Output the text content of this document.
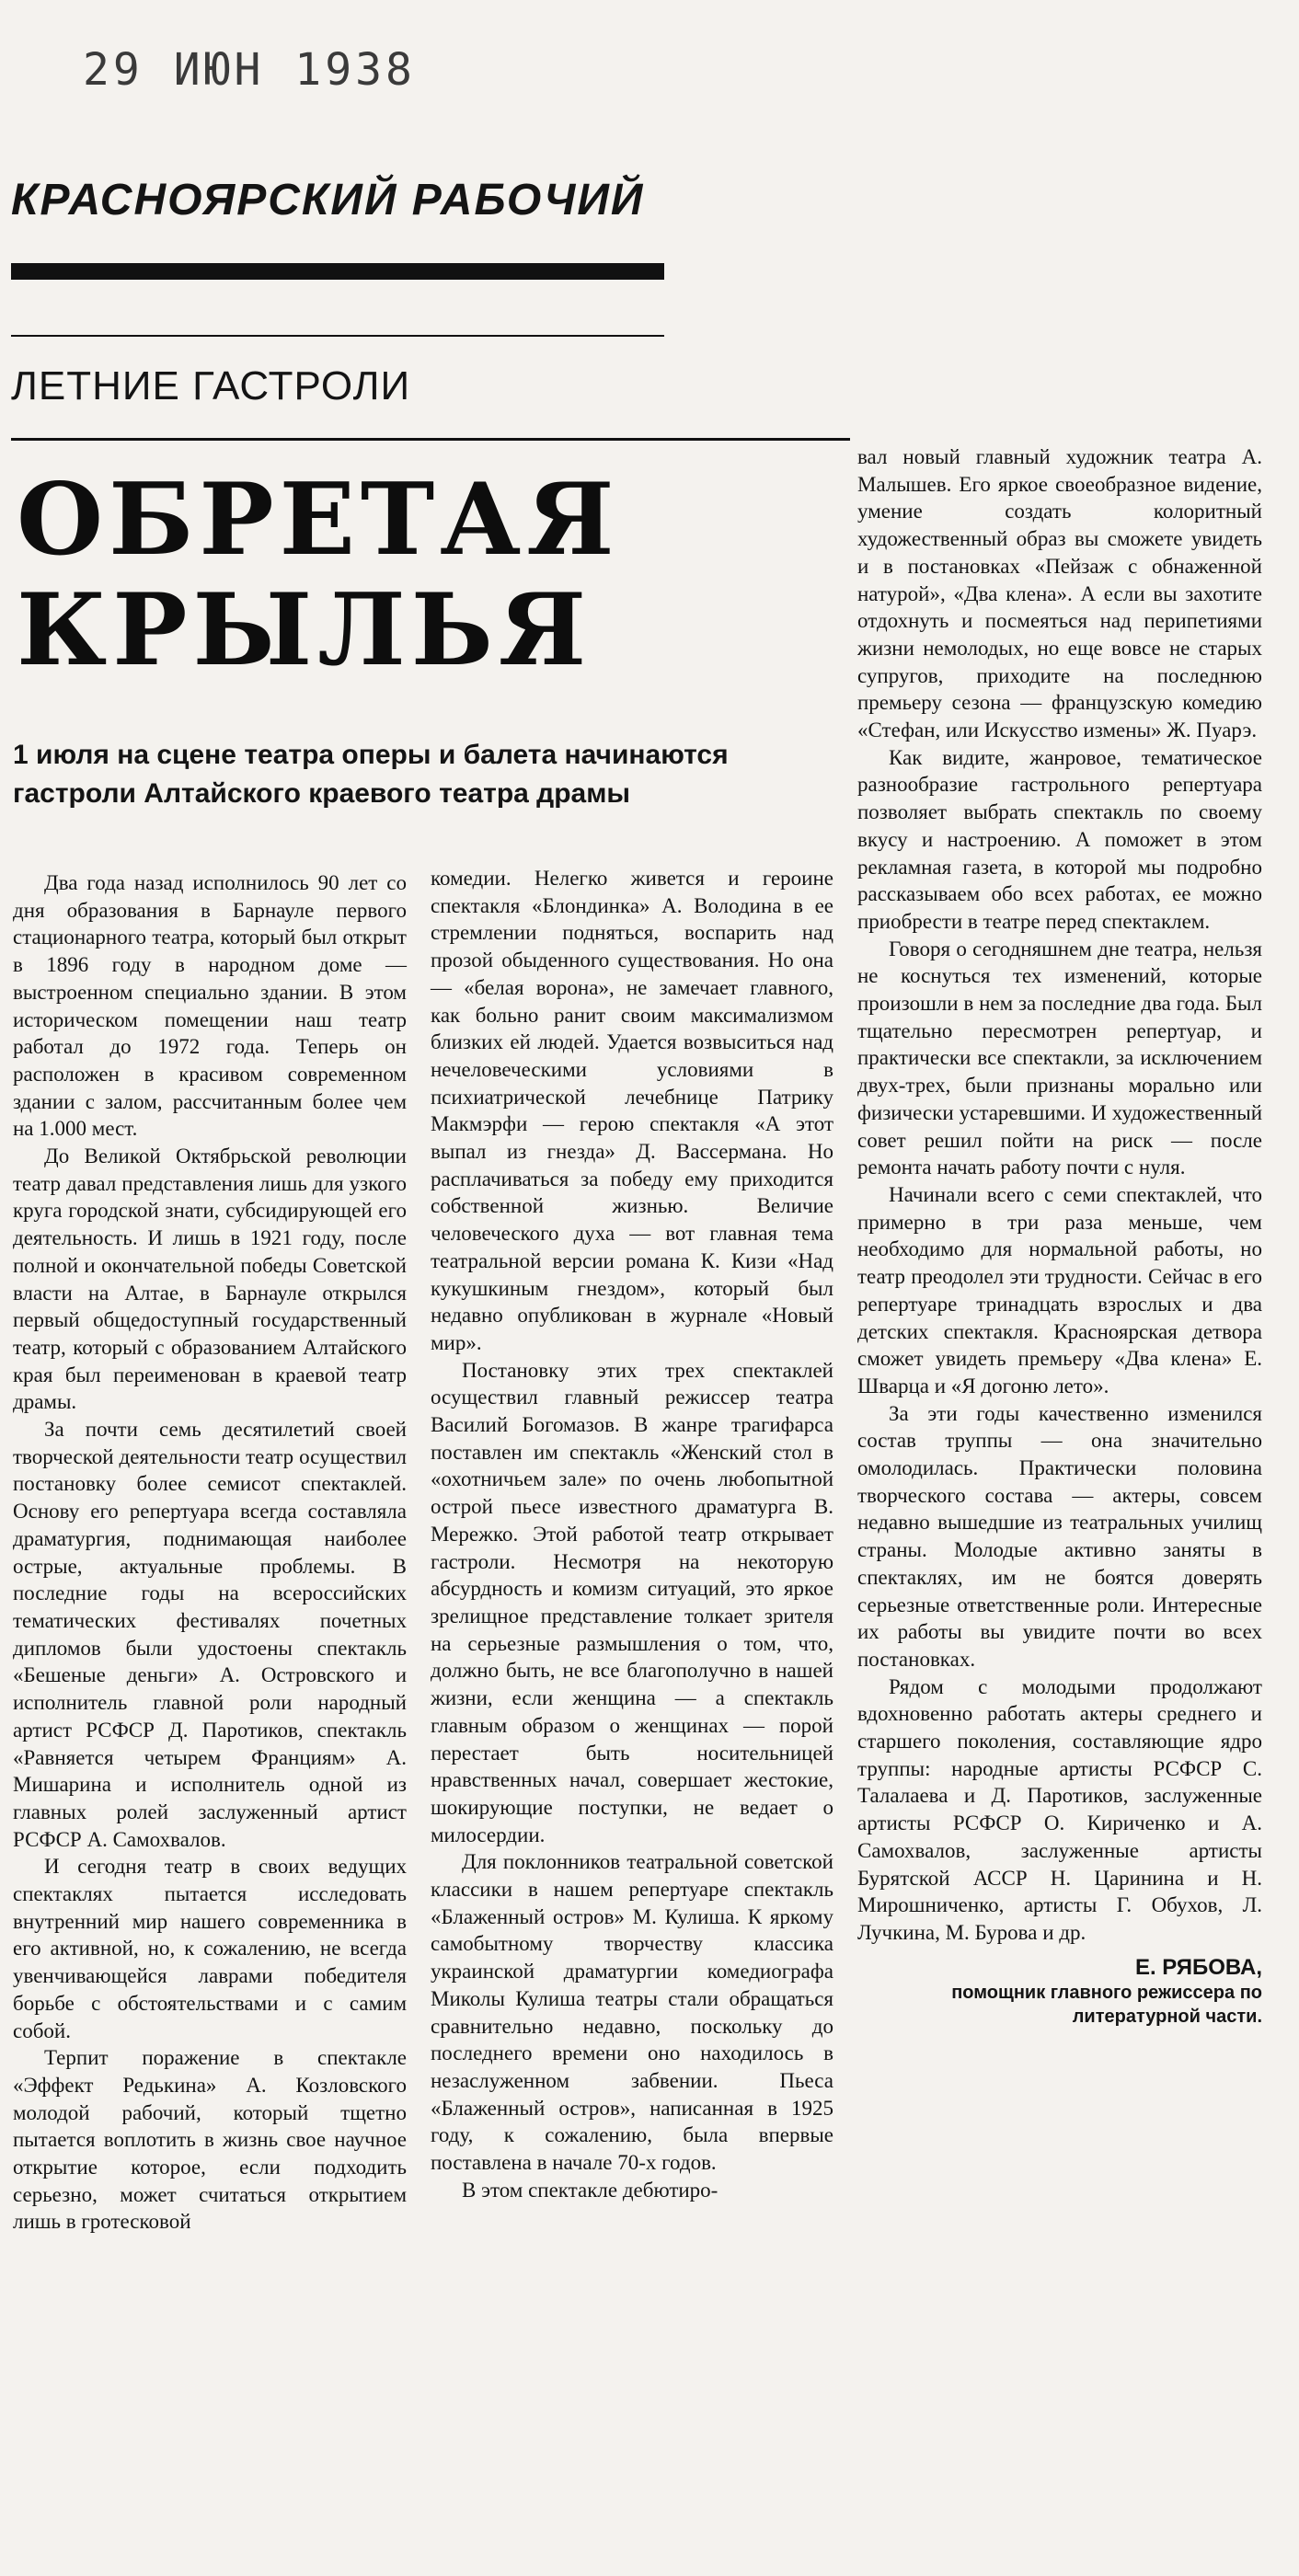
29 ИЮН 1938
КРАСНОЯРСКИЙ РАБОЧИЙ
ЛЕТНИЕ ГАСТРОЛИ
ОБРЕТАЯ
КРЫЛЬЯ
1 июля на сцене театра оперы и балета начинаются гастроли Алтайского краевого театра драмы

Два года назад исполнилось 90 лет со дня образования в Барнауле первого стационарного театра, который был открыт в 1896 году в народном доме — выстроенном специально здании. В этом историческом помещении наш театр работал до 1972 года. Теперь он расположен в красивом современном здании с залом, рассчитанным более чем на 1.000 мест.

До Великой Октябрьской революции театр давал представления лишь для узкого круга городской знати, субсидирующей его деятельность. И лишь в 1921 году, после полной и окончательной победы Советской власти на Алтае, в Барнауле открылся первый общедоступный государственный театр, который с образованием Алтайского края был переименован в краевой театр драмы.

За почти семь десятилетий своей творческой деятельности театр осуществил постановку более семисот спектаклей. Основу его репертуара всегда составляла драматургия, поднимающая наиболее острые, актуальные проблемы. В последние годы на всероссийских тематических фестивалях почетных дипломов были удостоены спектакль «Бешеные деньги» А. Островского и исполнитель главной роли народный артист РСФСР Д. Паротиков, спектакль «Равняется четырем Франциям» А. Мишарина и исполнитель одной из главных ролей заслуженный артист РСФСР А. Самохвалов.

И сегодня театр в своих ведущих спектаклях пытается исследовать внутренний мир нашего современника в его активной, но, к сожалению, не всегда увенчивающейся лаврами победителя борьбе с обстоятельствами и с самим собой.

Терпит поражение в спектакле «Эффект Редькина» А. Козловского молодой рабочий, который тщетно пытается воплотить в жизнь свое научное открытие которое, если подходить серьезно, может считаться открытием лишь в гротесковой

комедии. Нелегко живется и героине спектакля «Блондинка» А. Володина в ее стремлении подняться, воспарить над прозой обыденного существования. Но она — «белая ворона», не замечает главного, как больно ранит своим максимализмом близких ей людей. Удается возвыситься над нечеловеческими условиями в психиатрической лечебнице Патрику Макмэрфи — герою спектакля «А этот выпал из гнезда» Д. Вассермана. Но расплачиваться за победу ему приходится собственной жизнью. Величие человеческого духа — вот главная тема театральной версии романа К. Кизи «Над кукушкиным гнездом», который был недавно опубликован в журнале «Новый мир».

Постановку этих трех спектаклей осуществил главный режиссер театра Василий Богомазов. В жанре трагифарса поставлен им спектакль «Женский стол в «охотничьем зале» по очень любопытной острой пьесе известного драматурга В. Мережко. Этой работой театр открывает гастроли. Несмотря на некоторую абсурдность и комизм ситуаций, это яркое зрелищное представление толкает зрителя на серьезные размышления о том, что, должно быть, не все благополучно в нашей жизни, если женщина — а спектакль главным образом о женщинах — порой перестает быть носительницей нравственных начал, совершает жестокие, шокирующие поступки, не ведает о милосердии.

Для поклонников театральной советской классики в нашем репертуаре спектакль «Блаженный остров» М. Кулиша. К яркому самобытному творчеству классика украинской драматургии комедиографа Миколы Кулиша театры стали обращаться сравнительно недавно, поскольку до последнего времени оно находилось в незаслуженном забвении. Пьеса «Блаженный остров», написанная в 1925 году, к сожалению, была впервые поставлена в начале 70-х годов.

В этом спектакле дебютиро-

вал новый главный художник театра А. Малышев. Его яркое своеобразное видение, умение создать колоритный художественный образ вы сможете увидеть и в постановках «Пейзаж с обнаженной натурой», «Два клена». А если вы захотите отдохнуть и посмеяться над перипетиями жизни немолодых, но еще вовсе не старых супругов, приходите на последнюю премьеру сезона — французскую комедию «Стефан, или Искусство измены» Ж. Пуарэ.

Как видите, жанровое, тематическое разнообразие гастрольного репертуара позволяет выбрать спектакль по своему вкусу и настроению. А поможет в этом рекламная газета, в которой мы подробно рассказываем обо всех работах, ее можно приобрести в театре перед спектаклем.

Говоря о сегодняшнем дне театра, нельзя не коснуться тех изменений, которые произошли в нем за последние два года. Был тщательно пересмотрен репертуар, и практически все спектакли, за исключением двух-трех, были признаны морально или физически устаревшими. И художественный совет решил пойти на риск — после ремонта начать работу почти с нуля.

Начинали всего с семи спектаклей, что примерно в три раза меньше, чем необходимо для нормальной работы, но театр преодолел эти трудности. Сейчас в его репертуаре тринадцать взрослых и два детских спектакля. Красноярская детвора сможет увидеть премьеру «Два клена» Е. Шварца и «Я догоню лето».

За эти годы качественно изменился состав труппы — она значительно омолодилась. Практически половина творческого состава — актеры, совсем недавно вышедшие из театральных училищ страны. Молодые активно заняты в спектаклях, им не боятся доверять серьезные ответственные роли. Интересные их работы вы увидите почти во всех постановках.

Рядом с молодыми продолжают вдохновенно работать актеры среднего и старшего поколения, составляющие ядро труппы: народные артисты РСФСР С. Талалаева и Д. Паротиков, заслуженные артисты РСФСР О. Кириченко и А. Самохвалов, заслуженные артисты Бурятской АССР Н. Царинина и Н. Мирошниченко, артисты Г. Обухов, Л. Лучкина, М. Бурова и др.

Е. РЯБОВА,

помощник главного режиссера по литературной части.
